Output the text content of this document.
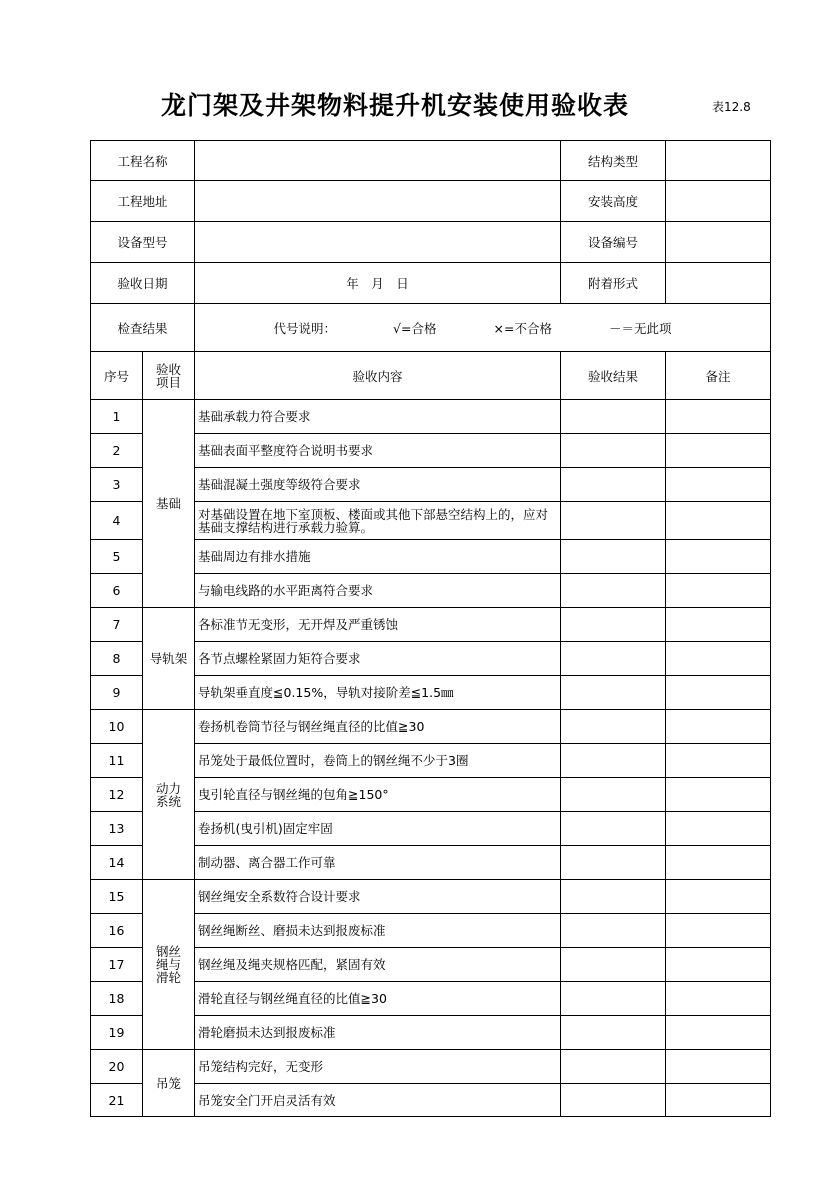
龙门架及井架物料提升机安装使用验收表	表12.8
工程名称			结构类型	
工程地址			安装高度	
设备型号			设备编号	
验收日期		年　月　日	附着形式	
检查结果		代号说明： √=合格 ×=不合格 －＝无此项		

序号	验收项目	验收内容	验收结果	备注
1	基础	基础承载力符合要求		

2		基础表面平整度符合说明书要求		

3		基础混凝土强度等级符合要求		

4		对基础设置在地下室顶板、楼面或其他下部悬空结构上的，应对基础支撑结构进行承载力验算。		

5		基础周边有排水措施		

6		与输电线路的水平距离符合要求		

7	导轨架	各标准节无变形，无开焊及严重锈蚀		

8		各节点螺栓紧固力矩符合要求		

9		导轨架垂直度≦0.15%，导轨对接阶差≦1.5㎜		

10	动力系统	卷扬机卷筒节径与钢丝绳直径的比值≧30		

11		吊笼处于最低位置时，卷筒上的钢丝绳不少于3圈		

12		曳引轮直径与钢丝绳的包角≧150°		

13		卷扬机(曳引机)固定牢固		

14		制动器、离合器工作可靠		

15	钢丝绳与滑轮	钢丝绳安全系数符合设计要求		

16		钢丝绳断丝、磨损未达到报废标准		

17		钢丝绳及绳夹规格匹配，紧固有效		

18		滑轮直径与钢丝绳直径的比值≧30		

19		滑轮磨损未达到报废标准		

20	吊笼	吊笼结构完好，无变形		

21		吊笼安全门开启灵活有效		
